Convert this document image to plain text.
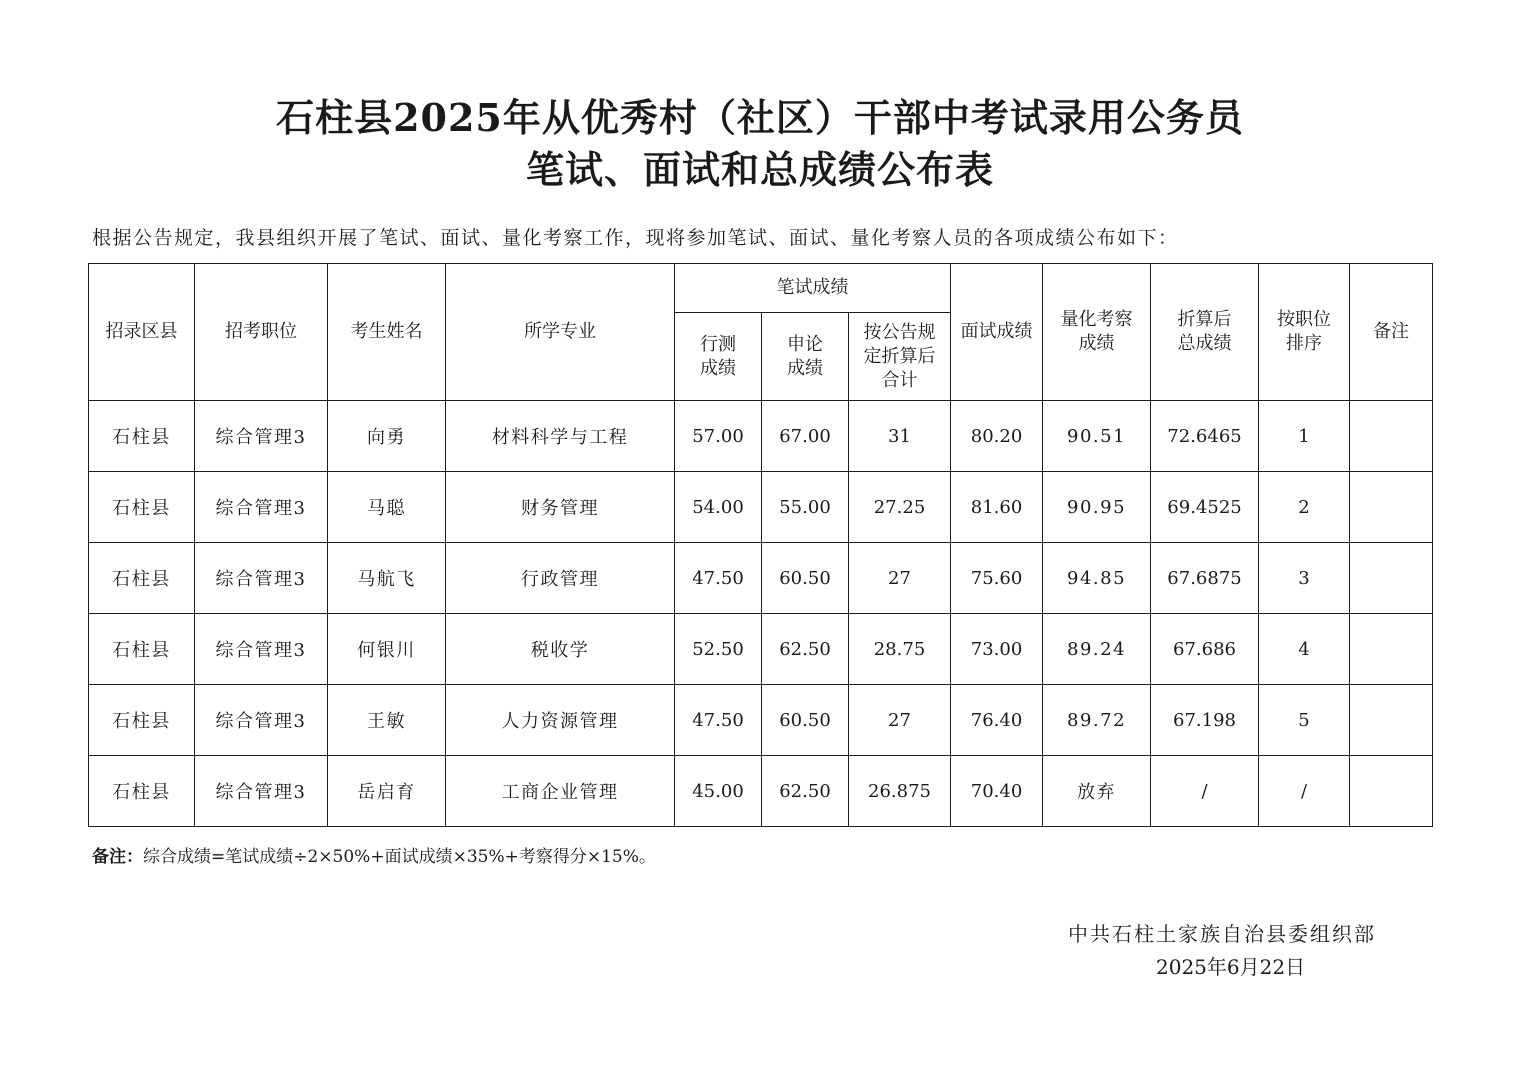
石柱县2025年从优秀村（社区）干部中考试录用公务员
笔试、面试和总成绩公布表
根据公告规定，我县组织开展了笔试、面试、量化考察工作，现将参加笔试、面试、量化考察人员的各项成绩公布如下：
招录区县	招考职位	考生姓名	所学专业	笔试成绩			面试成绩	量化考察成绩	折算后总成绩	按职位排序	备注
				行测成绩	申论成绩	按公告规定折算后合计					
石柱县	综合管理3	向勇	材料科学与工程	57.00	67.00	31	80.20	90.51	72.6465	1	
石柱县	综合管理3	马聪	财务管理	54.00	55.00	27.25	81.60	90.95	69.4525	2	
石柱县	综合管理3	马航飞	行政管理	47.50	60.50	27	75.60	94.85	67.6875	3	
石柱县	综合管理3	何银川	税收学	52.50	62.50	28.75	73.00	89.24	67.686	4	
石柱县	综合管理3	王敏	人力资源管理	47.50	60.50	27	76.40	89.72	67.198	5	
石柱县	综合管理3	岳启育	工商企业管理	45.00	62.50	26.875	70.40	放弃	/	/	
备注：综合成绩=笔试成绩÷2×50%+面试成绩×35%+考察得分×15%。
中共石柱土家族自治县委组织部
2025年6月22日
